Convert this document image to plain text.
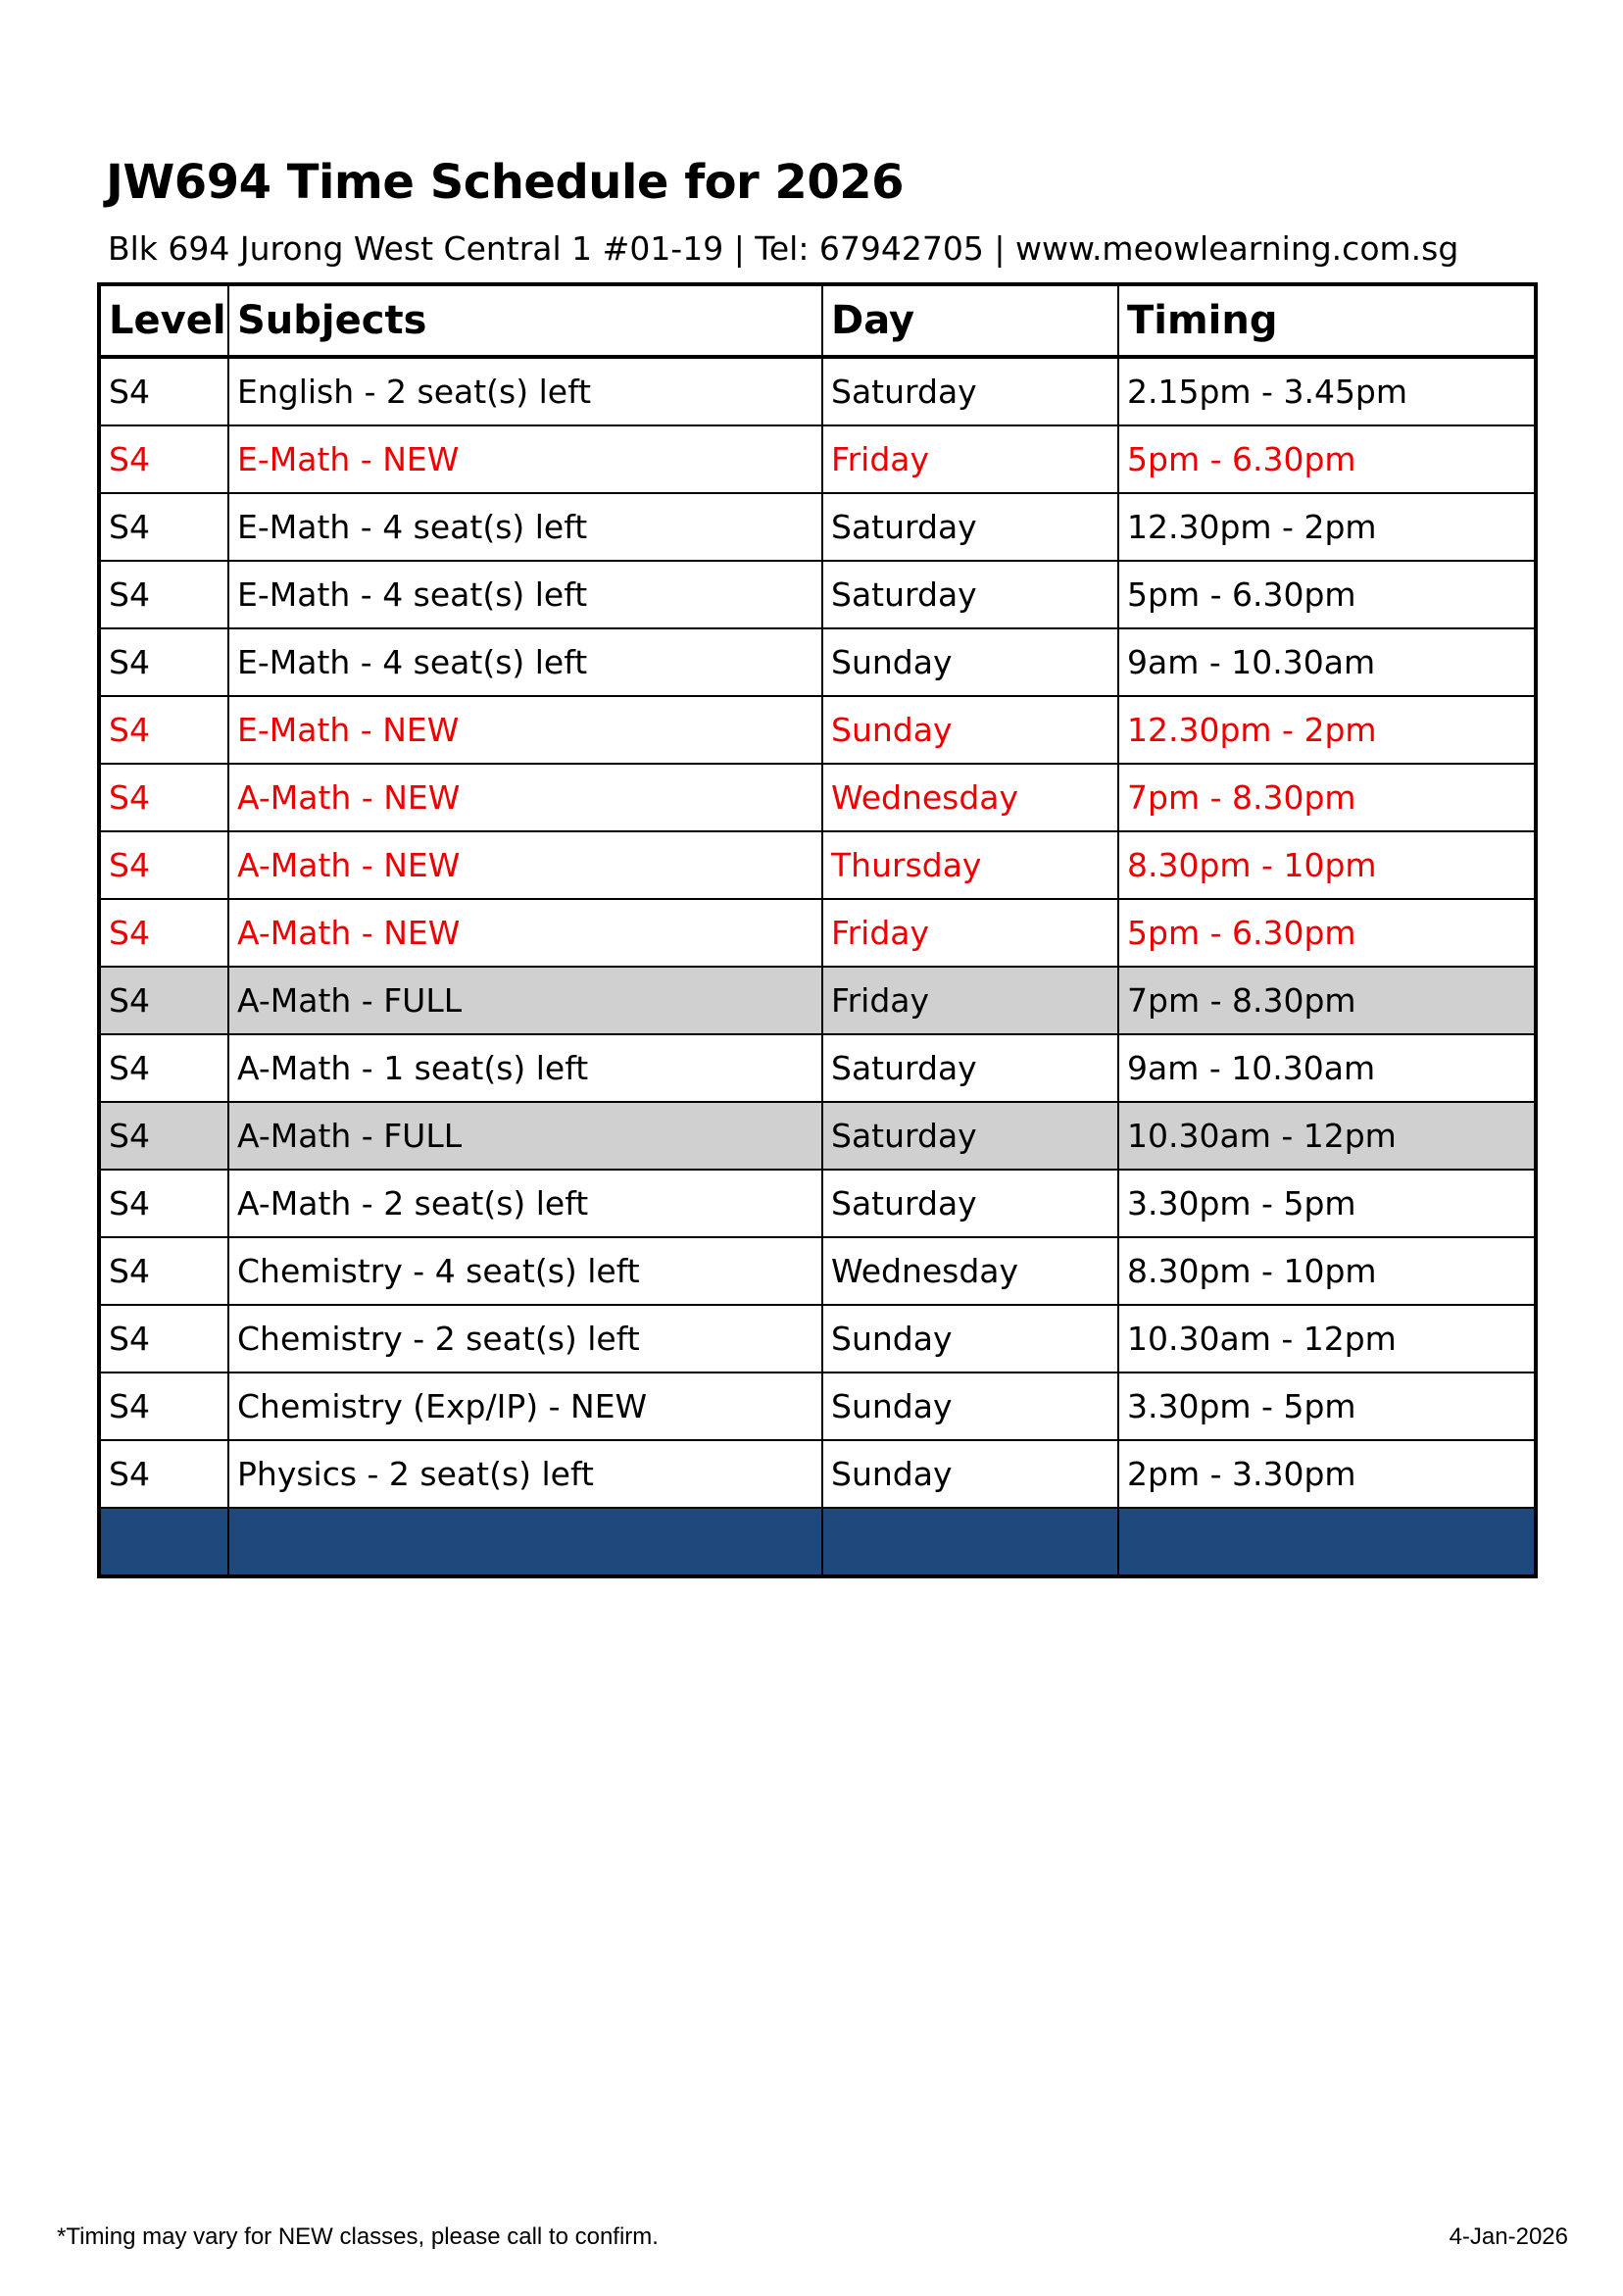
JW694 Time Schedule for 2026
Blk 694 Jurong West Central 1 #01-19 | Tel: 67942705 | www.meowlearning.com.sg
Level	Subjects	Day	Timing
S4	English - 2 seat(s) left	Saturday	2.15pm - 3.45pm
S4	E-Math - NEW	Friday	5pm - 6.30pm
S4	E-Math - 4 seat(s) left	Saturday	12.30pm - 2pm
S4	E-Math - 4 seat(s) left	Saturday	5pm - 6.30pm
S4	E-Math - 4 seat(s) left	Sunday	9am - 10.30am
S4	E-Math - NEW	Sunday	12.30pm - 2pm
S4	A-Math - NEW	Wednesday	7pm - 8.30pm
S4	A-Math - NEW	Thursday	8.30pm - 10pm
S4	A-Math - NEW	Friday	5pm - 6.30pm
S4	A-Math - FULL	Friday	7pm - 8.30pm
S4	A-Math - 1 seat(s) left	Saturday	9am - 10.30am
S4	A-Math - FULL	Saturday	10.30am - 12pm
S4	A-Math - 2 seat(s) left	Saturday	3.30pm - 5pm
S4	Chemistry - 4 seat(s) left	Wednesday	8.30pm - 10pm
S4	Chemistry - 2 seat(s) left	Sunday	10.30am - 12pm
S4	Chemistry (Exp/IP) - NEW	Sunday	3.30pm - 5pm
S4	Physics - 2 seat(s) left	Sunday	2pm - 3.30pm

*Timing may vary for NEW classes, please call to confirm.	4-Jan-2026
